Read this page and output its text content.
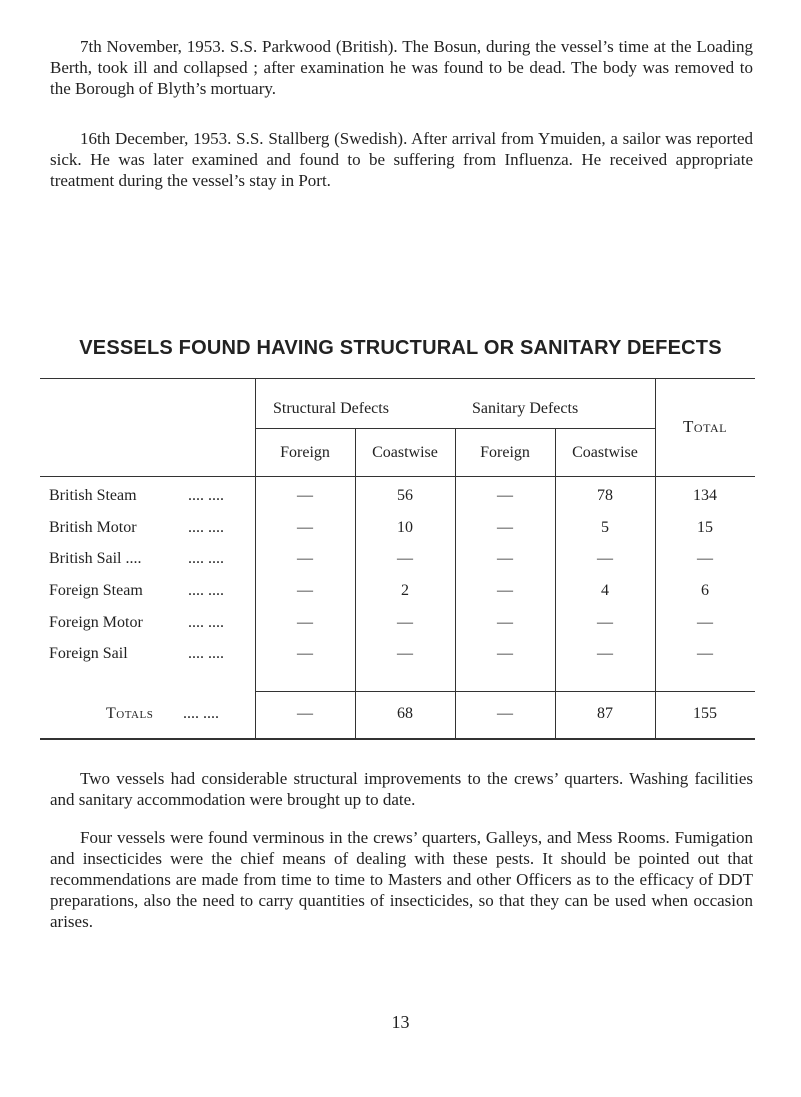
7th November, 1953. S.S. Parkwood (British). The Bosun, during the vessel’s time at the Loading Berth, took ill and collapsed ; after examination he was found to be dead. The body was removed to the Borough of Blyth’s mortuary.

16th December, 1953. S.S. Stallberg (Swedish). After arrival from Ymuiden, a sailor was reported sick. He was later examined and found to be suffering from Influenza. He received appropriate treatment during the vessel’s stay in Port.

VESSELS FOUND HAVING STRUCTURAL OR SANITARY DEFECTS
Structural Defects	Sanitary Defects
Total
Foreign	Coastwise	Foreign	Coastwise
British Steam	.... ....	—	56	—	78	134
British Motor	.... ....	—	10	—	5	15
British Sail ....	.... ....	—	—	—	—	—
Foreign Steam	.... ....	—	2	—	4	6
Foreign Motor	.... ....	—	—	—	—	—
Foreign Sail	.... ....	—	—	—	—	—
Totals .... ....	—	68	—	87	155

Two vessels had considerable structural improvements to the crews’ quarters. Washing facilities and sanitary accommodation were brought up to date.

Four vessels were found verminous in the crews’ quarters, Galleys, and Mess Rooms. Fumigation and insecticides were the chief means of dealing with these pests. It should be pointed out that recommendations are made from time to time to Masters and other Officers as to the efficacy of DDT preparations, also the need to carry quantities of insecticides, so that they can be used when occasion arises.

13
